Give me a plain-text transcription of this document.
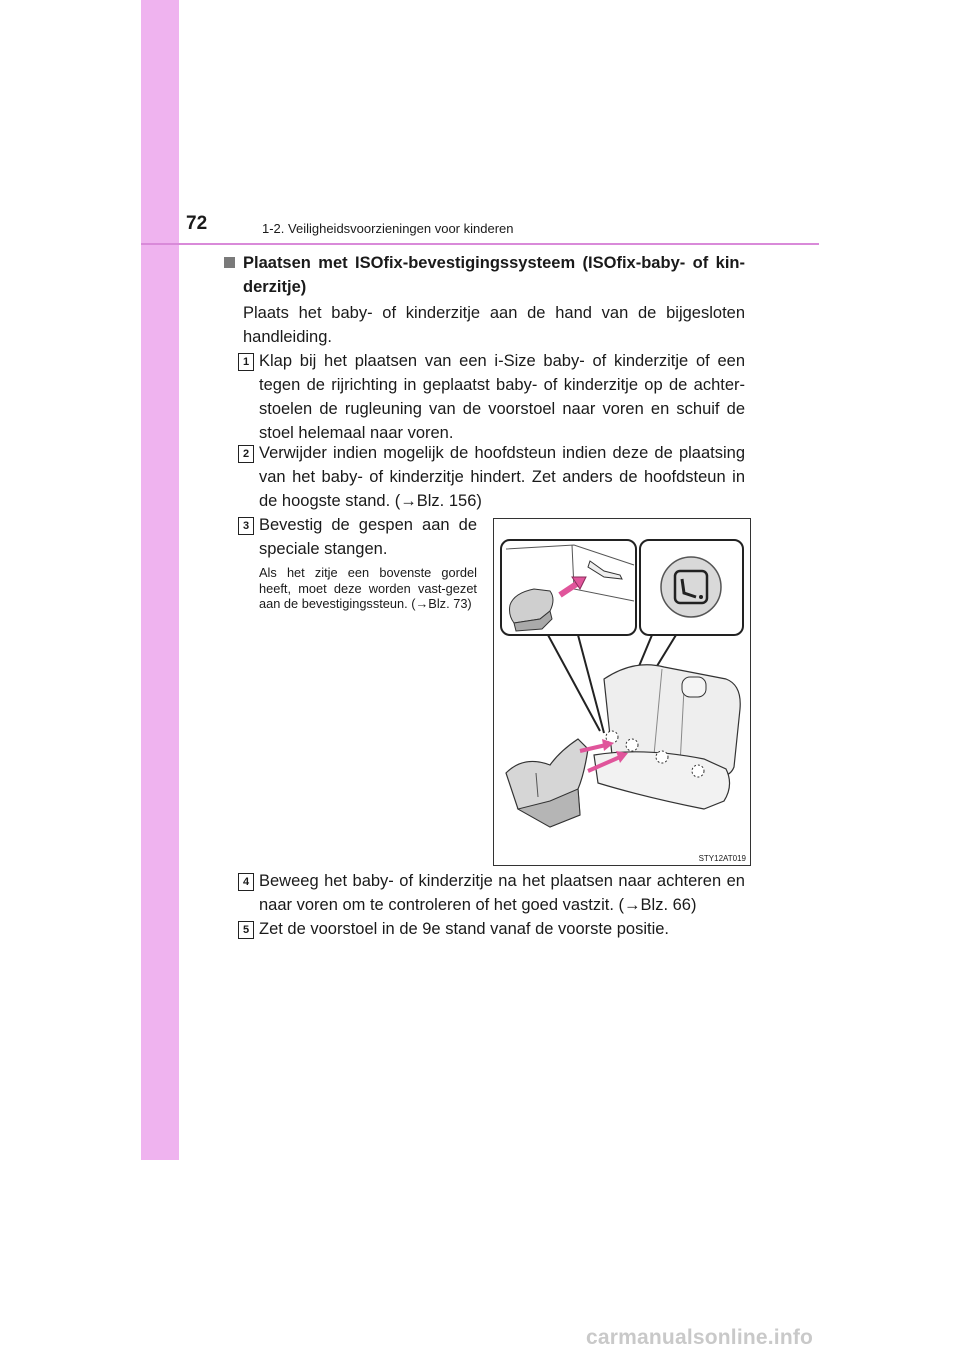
72	1-2. Veiligheidsvoorzieningen voor kinderen
Plaatsen met ISOfix-bevestigingssysteem (ISOfix-baby- of kin-derzitje)
Plaats het baby- of kinderzitje aan de hand van de bijgesloten handleiding.
1 Klap bij het plaatsen van een i-Size baby- of kinderzitje of een tegen de rijrichting in geplaatst baby- of kinderzitje op de achter-stoelen de rugleuning van de voorstoel naar voren en schuif de stoel helemaal naar voren.
2 Verwijder indien mogelijk de hoofdsteun indien deze de plaatsing van het baby- of kinderzitje hindert. Zet anders de hoofdsteun in de hoogste stand. (→Blz. 156)
3 Bevestig de gespen aan de speciale stangen.
Als het zitje een bovenste gordel heeft, moet deze worden vast-gezet aan de bevestigingssteun. (→Blz. 73)
STY12AT019
4 Beweeg het baby- of kinderzitje na het plaatsen naar achteren en naar voren om te controleren of het goed vastzit. (→Blz. 66)
5 Zet de voorstoel in de 9e stand vanaf de voorste positie.
carmanualsonline.info
